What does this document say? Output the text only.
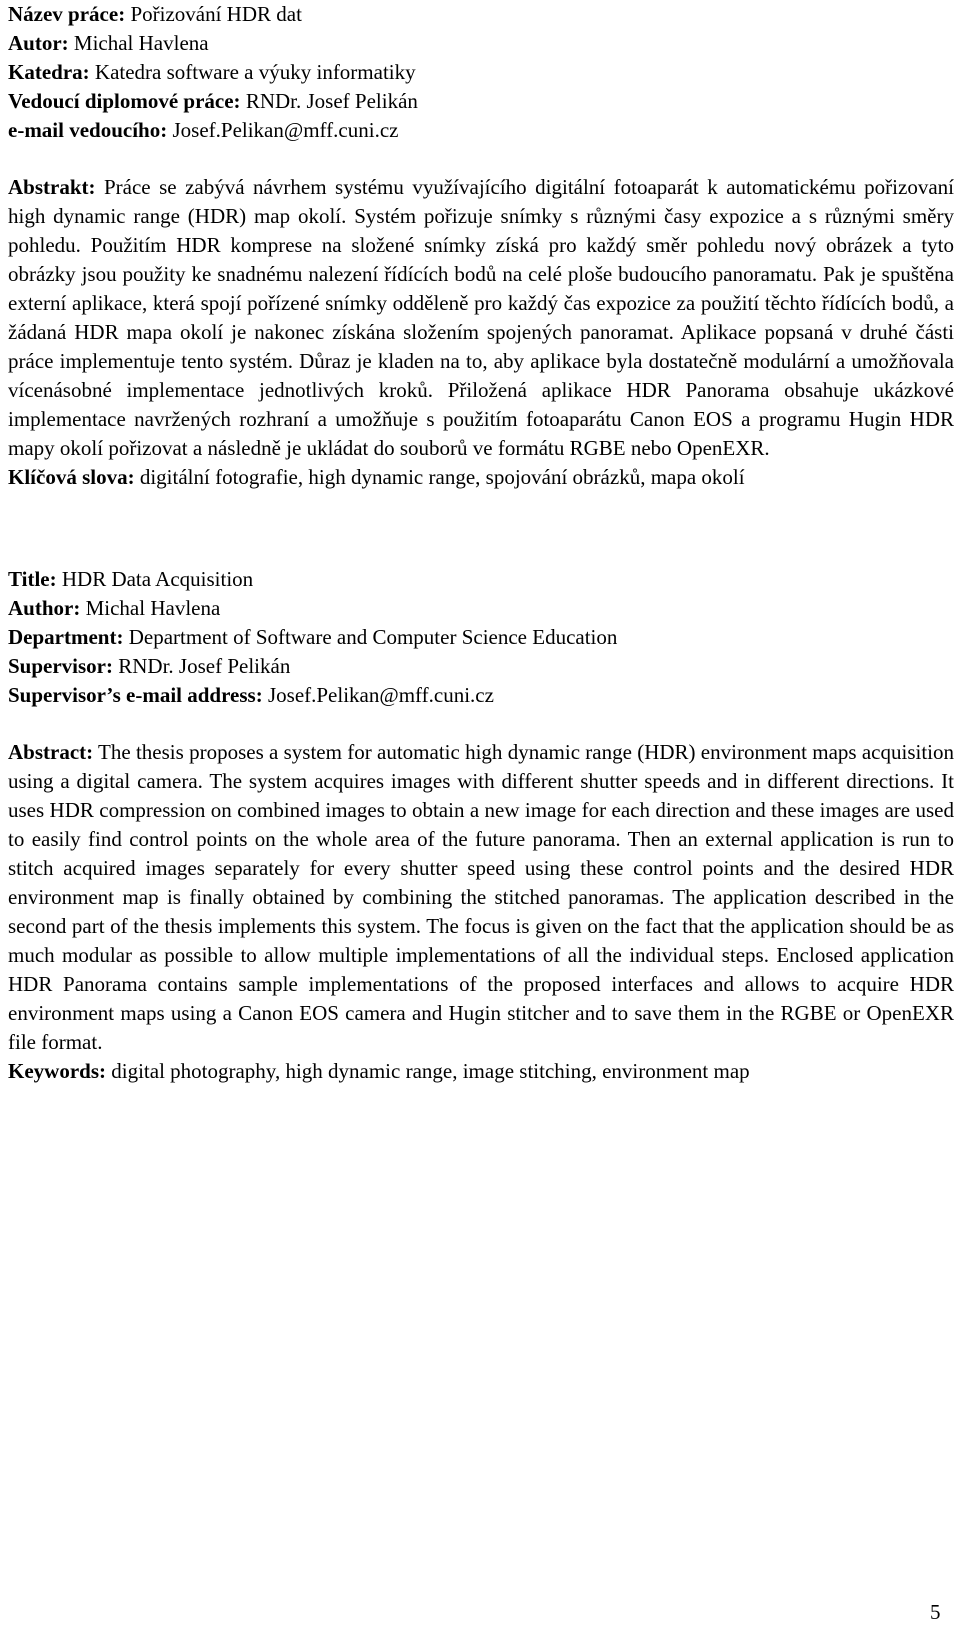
Název práce: Pořizování HDR dat
Autor: Michal Havlena
Katedra: Katedra software a výuky informatiky
Vedoucí diplomové práce: RNDr. Josef Pelikán
e-mail vedoucího: Josef.Pelikan@mff.cuni.cz

Abstrakt: Práce se zabývá návrhem systému využívajícího digitální fotoaparát k automatickému pořizovaní high dynamic range (HDR) map okolí. Systém pořizuje snímky s různými časy expozice a s různými směry pohledu. Použitím HDR komprese na složené snímky získá pro každý směr pohledu nový obrázek a tyto obrázky jsou použity ke snadnému nalezení řídících bodů na celé ploše budoucího panoramatu. Pak je spuštěna externí aplikace, která spojí pořízené snímky odděleně pro každý čas expozice za použití těchto řídících bodů, a žádaná HDR mapa okolí je nakonec získána složením spojených panoramat. Aplikace popsaná v druhé části práce implementuje tento systém. Důraz je kladen na to, aby aplikace byla dostatečně modulární a umožňovala vícenásobné implementace jednotlivých kroků. Přiložená aplikace HDR Panorama obsahuje ukázkové implementace navržených rozhraní a umožňuje s použitím fotoaparátu Canon EOS a programu Hugin HDR mapy okolí pořizovat a následně je ukládat do souborů ve formátu RGBE nebo OpenEXR.

Klíčová slova: digitální fotografie, high dynamic range, spojování obrázků, mapa okolí
Title: HDR Data Acquisition
Author: Michal Havlena
Department: Department of Software and Computer Science Education
Supervisor: RNDr. Josef Pelikán
Supervisor’s e-mail address: Josef.Pelikan@mff.cuni.cz

Abstract: The thesis proposes a system for automatic high dynamic range (HDR) environment maps acquisition using a digital camera. The system acquires images with different shutter speeds and in different directions. It uses HDR compression on combined images to obtain a new image for each direction and these images are used to easily find control points on the whole area of the future panorama. Then an external application is run to stitch acquired images separately for every shutter speed using these control points and the desired HDR environment map is finally obtained by combining the stitched panoramas. The application described in the second part of the thesis implements this system. The focus is given on the fact that the application should be as much modular as possible to allow multiple implementations of all the individual steps. Enclosed application HDR Panorama contains sample implementations of the proposed interfaces and allows to acquire HDR environment maps using a Canon EOS camera and Hugin stitcher and to save them in the RGBE or OpenEXR file format.

Keywords: digital photography, high dynamic range, image stitching, environment map
5
